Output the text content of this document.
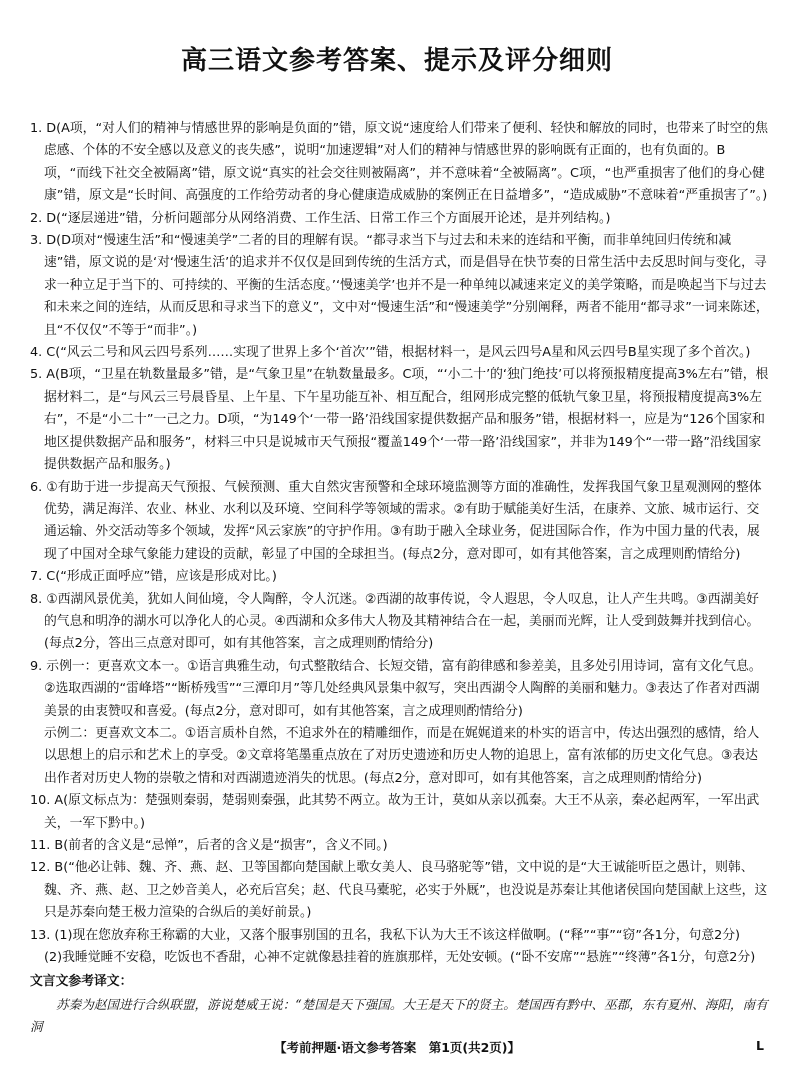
高三语文参考答案、提示及评分细则

1. D(A项，“对人们的精神与情感世界的影响是负面的”错，原文说“速度给人们带来了便利、轻快和解放的同时，也带来了时空的焦虑感、个体的不安全感以及意义的丧失感”，说明“加速逻辑”对人们的精神与情感世界的影响既有正面的，也有负面的。B项，“而线下社交全被隔离”错，原文说“真实的社会交往则被隔离”，并不意味着“全被隔离”。C项，“也严重损害了他们的身心健康”错，原文是“长时间、高强度的工作给劳动者的身心健康造成威胁的案例正在日益增多”，“造成威胁”不意味着“严重损害了”。)

2. D(“逐层递进”错，分析问题部分从网络消费、工作生活、日常工作三个方面展开论述，是并列结构。)

3. D(D项对“慢速生活”和“慢速美学”二者的目的理解有误。“都寻求当下与过去和未来的连结和平衡，而非单纯回归传统和减速”错，原文说的是‘对‘慢速生活’的追求并不仅仅是回到传统的生活方式，而是倡导在快节奏的日常生活中去反思时间与变化，寻求一种立足于当下的、可持续的、平衡的生活态度。’‘慢速美学’也并不是一种单纯以减速来定义的美学策略，而是唤起当下与过去和未来之间的连结，从而反思和寻求当下的意义”，文中对“慢速生活”和“慢速美学”分别阐释，两者不能用“都寻求”一词来陈述，且“不仅仅”不等于“而非”。)

4. C(“风云二号和风云四号系列……实现了世界上多个‘首次’”错，根据材料一，是风云四号A星和风云四号B星实现了多个首次。)

5. A(B项，“卫星在轨数量最多”错，是“气象卫星”在轨数量最多。C项，“‘小二十’的‘独门绝技’可以将预报精度提高3%左右”错，根据材料二，是“与风云三号晨昏星、上午星、下午星功能互补、相互配合，组网形成完整的低轨气象卫星，将预报精度提高3%左右”，不是“小二十”一己之力。D项，“为149个‘一带一路’沿线国家提供数据产品和服务”错，根据材料一，应是为“126个国家和地区提供数据产品和服务”，材料三中只是说城市天气预报“覆盖149个‘一带一路’沿线国家”，并非为149个“一带一路”沿线国家提供数据产品和服务。)

6. ①有助于进一步提高天气预报、气候预测、重大自然灾害预警和全球环境监测等方面的准确性，发挥我国气象卫星观测网的整体优势，满足海洋、农业、林业、水利以及环境、空间科学等领域的需求。②有助于赋能美好生活，在康养、文旅、城市运行、交通运输、外交活动等多个领域，发挥“风云家族”的守护作用。③有助于融入全球业务，促进国际合作，作为中国力量的代表，展现了中国对全球气象能力建设的贡献，彰显了中国的全球担当。(每点2分，意对即可，如有其他答案，言之成理则酌情给分)

7. C(“形成正面呼应”错，应该是形成对比。)

8. ①西湖风景优美，犹如人间仙境，令人陶醉，令人沉迷。②西湖的故事传说，令人遐思，令人叹息，让人产生共鸣。③西湖美好的气息和明净的湖水可以净化人的心灵。④西湖和众多伟大人物及其精神结合在一起，美丽而光辉，让人受到鼓舞并找到信心。(每点2分，答出三点意对即可，如有其他答案，言之成理则酌情给分)

9. 示例一：更喜欢文本一。①语言典雅生动，句式整散结合、长短交错，富有韵律感和参差美，且多处引用诗词，富有文化气息。②选取西湖的“雷峰塔”“断桥残雪”“三潭印月”等几处经典风景集中叙写，突出西湖令人陶醉的美丽和魅力。③表达了作者对西湖美景的由衷赞叹和喜爱。(每点2分，意对即可，如有其他答案，言之成理则酌情给分)

示例二：更喜欢文本二。①语言质朴自然，不追求外在的精雕细作，而是在娓娓道来的朴实的语言中，传达出强烈的感情，给人以思想上的启示和艺术上的享受。②文章将笔墨重点放在了对历史遗迹和历史人物的追思上，富有浓郁的历史文化气息。③表达出作者对历史人物的崇敬之情和对西湖遗迹消失的忧思。(每点2分，意对即可，如有其他答案，言之成理则酌情给分)

10. A(原文标点为：楚强则秦弱，楚弱则秦强，此其势不两立。故为王计，莫如从亲以孤秦。大王不从亲，秦必起两军，一军出武关，一军下黔中。)

11. B(前者的含义是“忌惮”，后者的含义是“损害”，含义不同。)

12. B(“他必让韩、魏、齐、燕、赵、卫等国都向楚国献上歌女美人、良马骆驼等”错，文中说的是“大王诚能听臣之愚计，则韩、魏、齐、燕、赵、卫之妙音美人，必充后宫矣；赵、代良马橐驼，必实于外厩”，也没说是苏秦让其他诸侯国向楚国献上这些，这只是苏秦向楚王极力渲染的合纵后的美好前景。)

13. (1)现在您放弃称王称霸的大业，又落个服事别国的丑名，我私下认为大王不该这样做啊。(“释”“事”“窃”各1分，句意2分)

(2)我睡觉睡不安稳，吃饭也不香甜，心神不定就像悬挂着的旌旗那样，无处安顿。(“卧不安席”“悬旌”“终薄”各1分，句意2分)

文言文参考译文：

苏秦为赵国进行合纵联盟，游说楚威王说：“楚国是天下强国。大王是天下的贤主。楚国西有黔中、巫郡，东有夏州、海阳，南有洞

【考前押题·语文参考答案　第1页(共2页)】	L
